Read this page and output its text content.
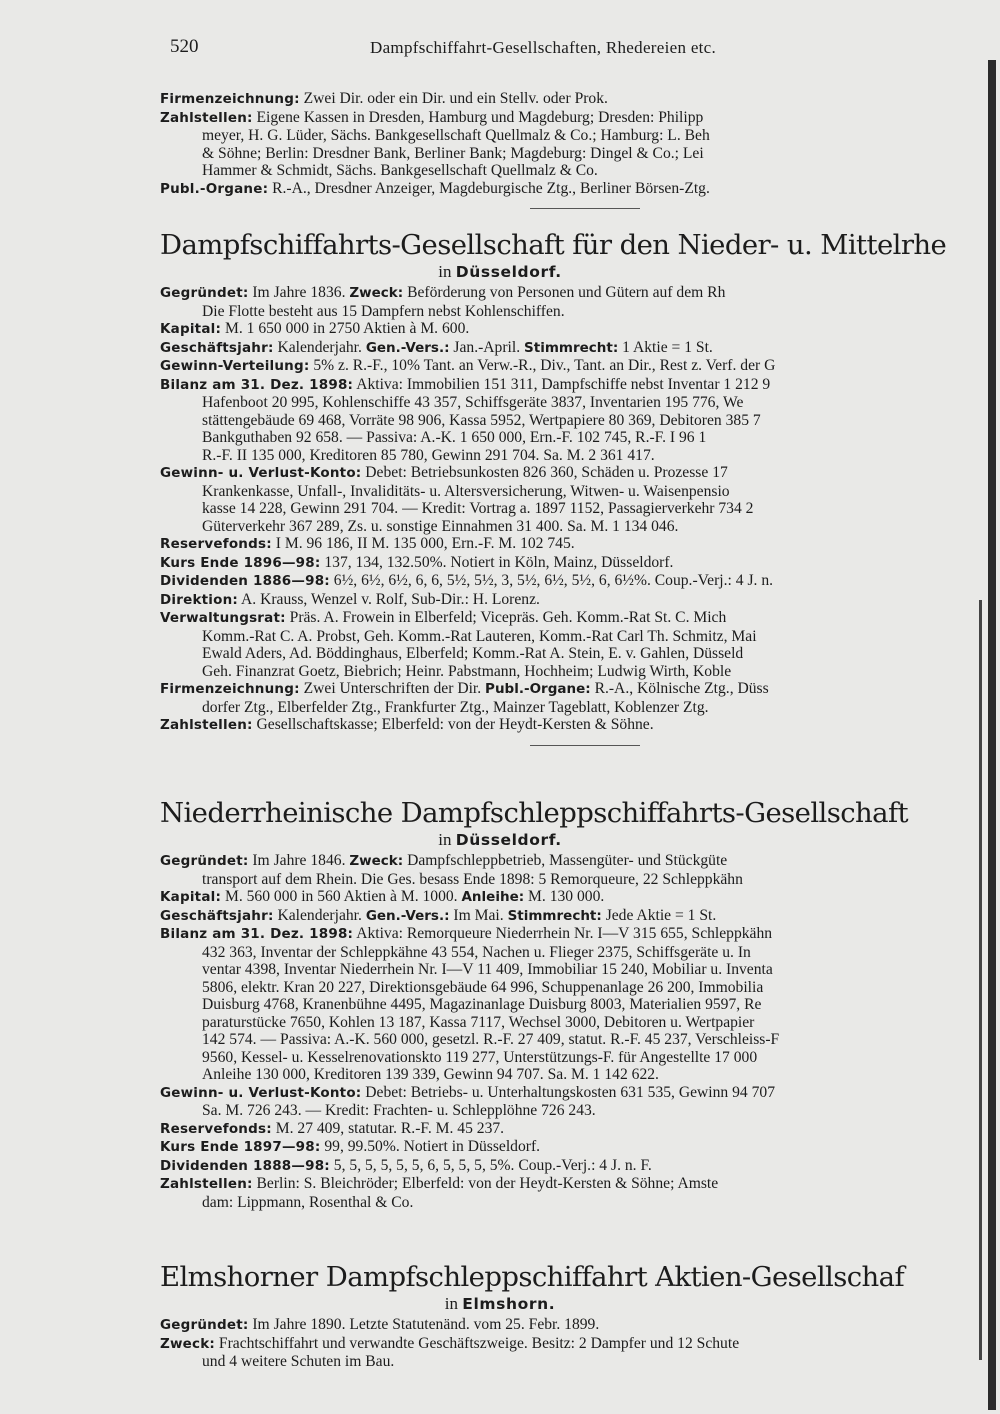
520	Dampfschiffahrt-Gesellschaften, Rhedereien etc.

Firmenzeichnung: Zwei Dir. oder ein Dir. und ein Stellv. oder Prok.

Zahlstellen: Eigene Kassen in Dresden, Hamburg und Magdeburg; Dresden: Philipp
meyer, H. G. Lüder, Sächs. Bankgesellschaft Quellmalz & Co.; Hamburg: L. Beh
& Söhne; Berlin: Dresdner Bank, Berliner Bank; Magdeburg: Dingel & Co.; Lei
Hammer & Schmidt, Sächs. Bankgesellschaft Quellmalz & Co.

Publ.-Organe: R.-A., Dresdner Anzeiger, Magdeburgische Ztg., Berliner Börsen-Ztg.

Dampfschiffahrts-Gesellschaft für den Nieder- u. Mittelrhe

in Düsseldorf.

Gegründet: Im Jahre 1836. Zweck: Beförderung von Personen und Gütern auf dem Rh
Die Flotte besteht aus 15 Dampfern nebst Kohlenschiffen.

Kapital: M. 1 650 000 in 2750 Aktien à M. 600.

Geschäftsjahr: Kalenderjahr. Gen.-Vers.: Jan.-April. Stimmrecht: 1 Aktie = 1 St.

Gewinn-Verteilung: 5% z. R.-F., 10% Tant. an Verw.-R., Div., Tant. an Dir., Rest z. Verf. der G

Bilanz am 31. Dez. 1898: Aktiva: Immobilien 151 311, Dampfschiffe nebst Inventar 1 212 9
Hafenboot 20 995, Kohlenschiffe 43 357, Schiffsgeräte 3837, Inventarien 195 776, We
stättengebäude 69 468, Vorräte 98 906, Kassa 5952, Wertpapiere 80 369, Debitoren 385 7
Bankguthaben 92 658. — Passiva: A.-K. 1 650 000, Ern.-F. 102 745, R.-F. I 96 1
R.-F. II 135 000, Kreditoren 85 780, Gewinn 291 704. Sa. M. 2 361 417.

Gewinn- u. Verlust-Konto: Debet: Betriebsunkosten 826 360, Schäden u. Prozesse 17
Krankenkasse, Unfall-, Invaliditäts- u. Altersversicherung, Witwen- u. Waisenpensio
kasse 14 228, Gewinn 291 704. — Kredit: Vortrag a. 1897 1152, Passagierverkehr 734 2
Güterverkehr 367 289, Zs. u. sonstige Einnahmen 31 400. Sa. M. 1 134 046.

Reservefonds: I M. 96 186, II M. 135 000, Ern.-F. M. 102 745.

Kurs Ende 1896—98: 137, 134, 132.50%. Notiert in Köln, Mainz, Düsseldorf.

Dividenden 1886—98: 6½, 6½, 6½, 6, 6, 5½, 5½, 3, 5½, 6½, 5½, 6, 6½%. Coup.-Verj.: 4 J. n.

Direktion: A. Krauss, Wenzel v. Rolf, Sub-Dir.: H. Lorenz.

Verwaltungsrat: Präs. A. Frowein in Elberfeld; Vicepräs. Geh. Komm.-Rat St. C. Mich
Komm.-Rat C. A. Probst, Geh. Komm.-Rat Lauteren, Komm.-Rat Carl Th. Schmitz, Mai
Ewald Aders, Ad. Böddinghaus, Elberfeld; Komm.-Rat A. Stein, E. v. Gahlen, Düsseld
Geh. Finanzrat Goetz, Biebrich; Heinr. Pabstmann, Hochheim; Ludwig Wirth, Koble

Firmenzeichnung: Zwei Unterschriften der Dir. Publ.-Organe: R.-A., Kölnische Ztg., Düss
dorfer Ztg., Elberfelder Ztg., Frankfurter Ztg., Mainzer Tageblatt, Koblenzer Ztg.

Zahlstellen: Gesellschaftskasse; Elberfeld: von der Heydt-Kersten & Söhne.

Niederrheinische Dampfschleppschiffahrts-Gesellschaft

in Düsseldorf.

Gegründet: Im Jahre 1846. Zweck: Dampfschleppbetrieb, Massengüter- und Stückgüte
transport auf dem Rhein. Die Ges. besass Ende 1898: 5 Remorqueure, 22 Schleppkähn

Kapital: M. 560 000 in 560 Aktien à M. 1000. Anleihe: M. 130 000.

Geschäftsjahr: Kalenderjahr. Gen.-Vers.: Im Mai. Stimmrecht: Jede Aktie = 1 St.

Bilanz am 31. Dez. 1898: Aktiva: Remorqueure Niederrhein Nr. I—V 315 655, Schleppkähn
432 363, Inventar der Schleppkähne 43 554, Nachen u. Flieger 2375, Schiffsgeräte u. In
ventar 4398, Inventar Niederrhein Nr. I—V 11 409, Immobiliar 15 240, Mobiliar u. Inventa
5806, elektr. Kran 20 227, Direktionsgebäude 64 996, Schuppenanlage 26 200, Immobilia
Duisburg 4768, Kranenbühne 4495, Magazinanlage Duisburg 8003, Materialien 9597, Re
paraturstücke 7650, Kohlen 13 187, Kassa 7117, Wechsel 3000, Debitoren u. Wertpapier
142 574. — Passiva: A.-K. 560 000, gesetzl. R.-F. 27 409, statut. R.-F. 45 237, Verschleiss-F
9560, Kessel- u. Kesselrenovationskto 119 277, Unterstützungs-F. für Angestellte 17 000
Anleihe 130 000, Kreditoren 139 339, Gewinn 94 707. Sa. M. 1 142 622.

Gewinn- u. Verlust-Konto: Debet: Betriebs- u. Unterhaltungskosten 631 535, Gewinn 94 707
Sa. M. 726 243. — Kredit: Frachten- u. Schlepplöhne 726 243.

Reservefonds: M. 27 409, statutar. R.-F. M. 45 237.

Kurs Ende 1897—98: 99, 99.50%. Notiert in Düsseldorf.

Dividenden 1888—98: 5, 5, 5, 5, 5, 5, 6, 5, 5, 5, 5%. Coup.-Verj.: 4 J. n. F.

Zahlstellen: Berlin: S. Bleichröder; Elberfeld: von der Heydt-Kersten & Söhne; Amste
dam: Lippmann, Rosenthal & Co.

Elmshorner Dampfschleppschiffahrt Aktien-Gesellschaf

in Elmshorn.

Gegründet: Im Jahre 1890. Letzte Statutenänd. vom 25. Febr. 1899.

Zweck: Frachtschiffahrt und verwandte Geschäftszweige. Besitz: 2 Dampfer und 12 Schute
und 4 weitere Schuten im Bau.
